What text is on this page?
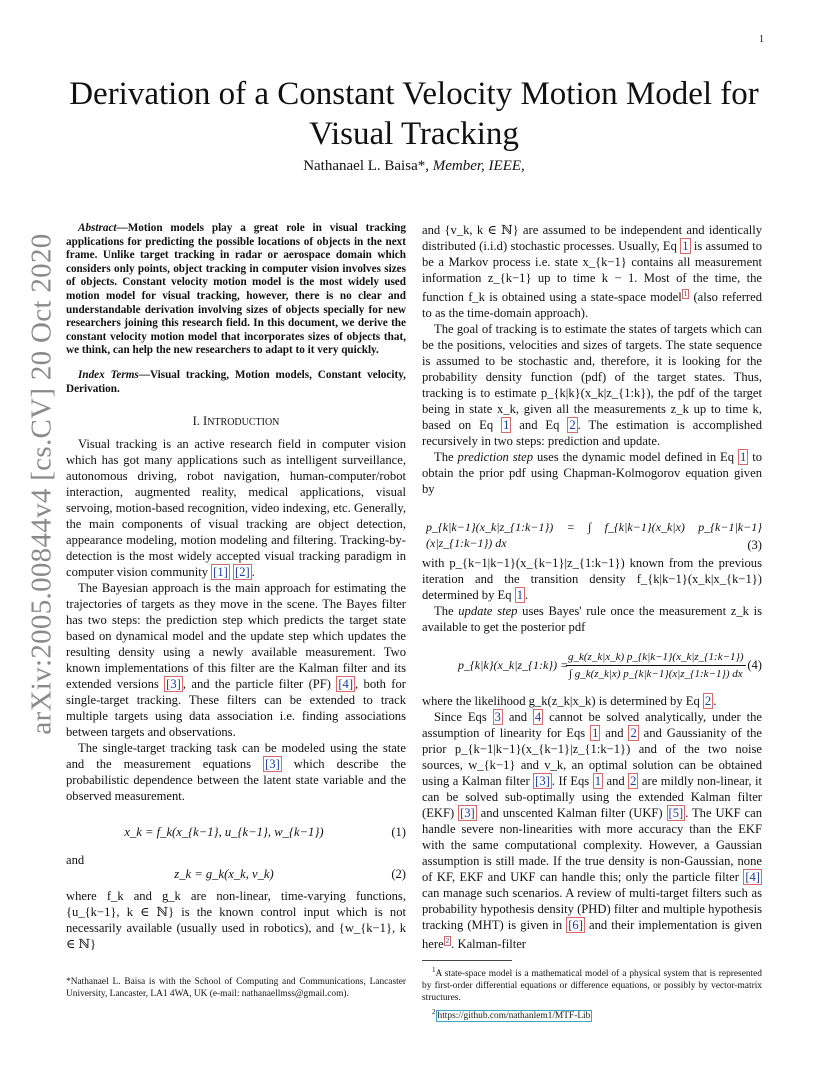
1
arXiv:2005.00844v4 [cs.CV] 20 Oct 2020
Derivation of a Constant Velocity Motion Model for Visual Tracking
Nathanael L. Baisa*, Member, IEEE,

Abstract—Motion models play a great role in visual tracking applications for predicting the possible locations of objects in the next frame. Unlike target tracking in radar or aerospace domain which considers only points, object tracking in computer vision involves sizes of objects. Constant velocity motion model is the most widely used motion model for visual tracking, however, there is no clear and understandable derivation involving sizes of objects specially for new researchers joining this research field. In this document, we derive the constant velocity motion model that incorporates sizes of objects that, we think, can help the new researchers to adapt to it very quickly.

Index Terms—Visual tracking, Motion models, Constant velocity, Derivation.

I. INTRODUCTION

Visual tracking is an active research field in computer vision which has got many applications such as intelligent surveillance, autonomous driving, robot navigation, human-computer/robot interaction, augmented reality, medical applications, visual servoing, motion-based recognition, video indexing, etc. Generally, the main components of visual tracking are object detection, appearance modeling, motion modeling and filtering. Tracking-by-detection is the most widely accepted visual tracking paradigm in computer vision community [1] [2] .

The Bayesian approach is the main approach for estimating the trajectories of targets as they move in the scene. The Bayes filter has two steps: the prediction step which predicts the target state based on dynamical model and the update step which updates the resulting density using a newly available measurement. Two known implementations of this filter are the Kalman filter and its extended versions [3] , and the particle filter (PF) [4] , both for single-target tracking. These filters can be extended to track multiple targets using data association i.e. finding associations between targets and observations.

The single-target tracking task can be modeled using the state and the measurement equations [3] which describe the probabilistic dependence between the latent state variable and the observed measurement.

x_k = f_k(x_{k−1}, u_{k−1}, w_{k−1})	(1)

and

z_k = g_k(x_k, v_k)	(2)

where f_k and g_k are non-linear, time-varying functions, {u_{k−1}, k ∈ ℕ} is the known control input which is not necessarily available (usually used in robotics), and {w_{k−1}, k ∈ ℕ}

and {v_k, k ∈ ℕ} are assumed to be independent and identically distributed (i.i.d) stochastic processes. Usually, Eq 1 is assumed to be a Markov process i.e. state x_{k−1} contains all measurement information z_{k−1} up to time k − 1. Most of the time, the function f_k is obtained using a state-space model $^1$ (also referred to as the time-domain approach).

The goal of tracking is to estimate the states of targets which can be the positions, velocities and sizes of targets. The state sequence is assumed to be stochastic and, therefore, it is looking for the probability density function (pdf) of the target states. Thus, tracking is to estimate p_{k|k}(x_k|z_{1:k}), the pdf of the target being in state x_k, given all the measurements z_k up to time k, based on Eq 1 and Eq 2 . The estimation is accomplished recursively in two steps: prediction and update.

The prediction step uses the dynamic model defined in Eq 1 to obtain the prior pdf using Chapman-Kolmogorov equation given by

p_{k|k−1}(x_k|z_{1:k−1}) = ∫ f_{k|k−1}(x_k|x) p_{k−1|k−1}(x|z_{1:k−1}) dx	(3)

with p_{k−1|k−1}(x_{k−1}|z_{1:k−1}) known from the previous iteration and the transition density f_{k|k−1}(x_k|x_{k−1}) determined by Eq 1 .

The update step uses Bayes' rule once the measurement z_k is available to get the posterior pdf

p_{k|k}(x_k|z_{1:k}) =
$\frac{g\_k(z\_k|x\_k) p\_\{k|k-1\}(x\_k|z\_\{1:k-1\})}{\int g\_k(z\_k|x) p\_\{k|k-1\}(x|z\_\{1:k-1\}) dx} (4)$

where the likelihood g_k(z_k|x_k) is determined by Eq 2 .

Since Eqs 3 and 4 cannot be solved analytically, under the assumption of linearity for Eqs 1 and 2 and Gaussianity of the prior p_{k−1|k−1}(x_{k−1}|z_{1:k−1}) and of the two noise sources, w_{k−1} and v_k, an optimal solution can be obtained using a Kalman filter [3] . If Eqs 1 and 2 are mildly non-linear, it can be solved sub-optimally using the extended Kalman filter (EKF) [3] and unscented Kalman filter (UKF) [5] . The UKF can handle severe non-linearities with more accuracy than the EKF with the same computational complexity. However, a Gaussian assumption is still made. If the true density is non-Gaussian, none of KF, EKF and UKF can handle this; only the particle filter [4] can manage such scenarios. A review of multi-target filters such as probability hypothesis density (PHD) filter and multiple hypothesis tracking (MHT) is given in [6] and their implementation is given here $^2$ . Kalman-filter

*Nathanael L. Baisa is with the School of Computing and Communications, Lancaster University, Lancaster, LA1 4WA, UK (e-mail: nathanaellmss@gmail.com).

$^1$A state-space model is a mathematical model of a physical system that is represented by first-order differential equations or difference equations, or possibly by vector-matrix structures.

$^2$ https://github.com/nathanlem1/MTF-Lib
